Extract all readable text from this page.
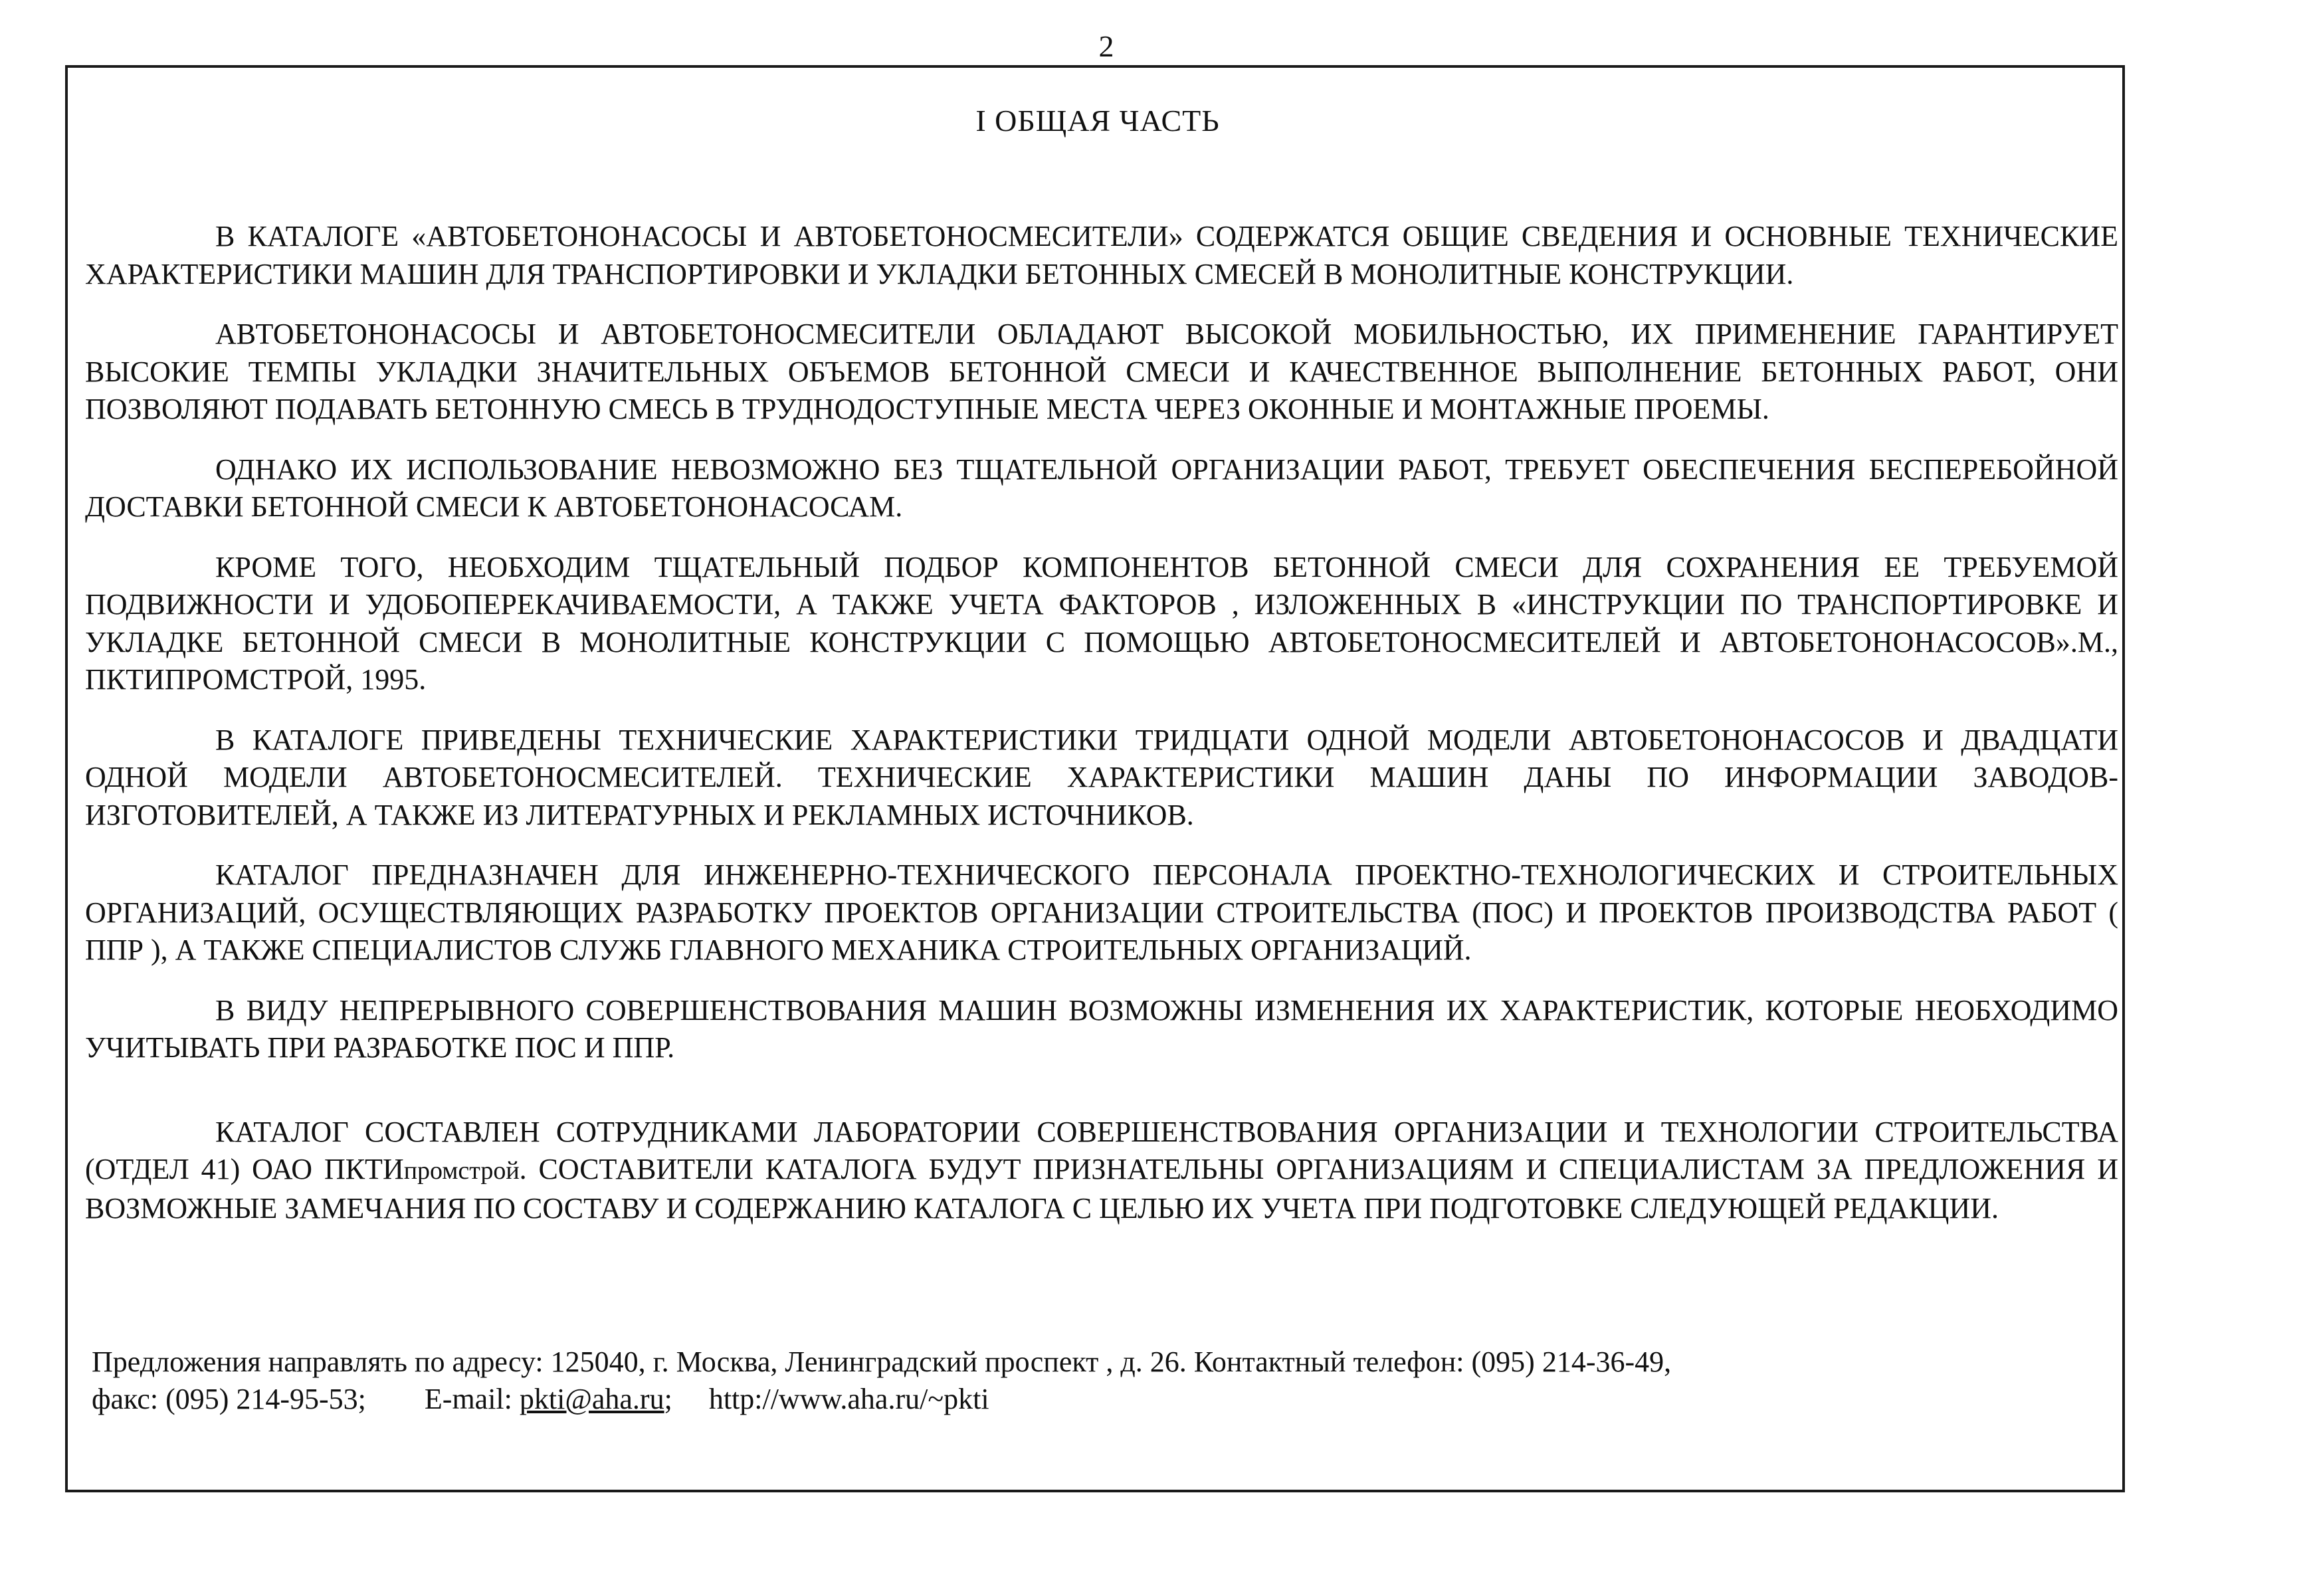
2
I ОБЩАЯ ЧАСТЬ

В КАТАЛОГЕ «АВТОБЕТОНОНАСОСЫ И АВТОБЕТОНОСМЕСИТЕЛИ» СОДЕРЖАТСЯ ОБЩИЕ СВЕДЕНИЯ И ОСНОВНЫЕ ТЕХНИЧЕСКИЕ ХАРАКТЕРИСТИКИ МАШИН ДЛЯ ТРАНСПОРТИРОВКИ И УКЛАДКИ БЕТОННЫХ СМЕСЕЙ В МОНОЛИТНЫЕ КОНСТРУКЦИИ.

АВТОБЕТОНОНАСОСЫ И АВТОБЕТОНОСМЕСИТЕЛИ ОБЛАДАЮТ ВЫСОКОЙ МОБИЛЬНОСТЬЮ, ИХ ПРИМЕНЕНИЕ ГАРАНТИРУЕТ ВЫСОКИЕ ТЕМПЫ УКЛАДКИ ЗНАЧИТЕЛЬНЫХ ОБЪЕМОВ БЕТОННОЙ СМЕСИ И КАЧЕСТВЕННОЕ ВЫПОЛНЕНИЕ БЕТОННЫХ РАБОТ, ОНИ ПОЗВОЛЯЮТ ПОДАВАТЬ БЕТОННУЮ СМЕСЬ В ТРУДНОДОСТУПНЫЕ МЕСТА ЧЕРЕЗ ОКОННЫЕ И МОНТАЖНЫЕ ПРОЕМЫ.

ОДНАКО ИХ ИСПОЛЬЗОВАНИЕ НЕВОЗМОЖНО БЕЗ ТЩАТЕЛЬНОЙ ОРГАНИЗАЦИИ РАБОТ, ТРЕБУЕТ ОБЕСПЕЧЕНИЯ БЕСПЕРЕБОЙНОЙ ДОСТАВКИ БЕТОННОЙ СМЕСИ К АВТОБЕТОНОНАСОСАМ.

КРОМЕ ТОГО, НЕОБХОДИМ ТЩАТЕЛЬНЫЙ ПОДБОР КОМПОНЕНТОВ БЕТОННОЙ СМЕСИ ДЛЯ СОХРАНЕНИЯ ЕЕ ТРЕБУЕМОЙ ПОДВИЖНОСТИ И УДОБОПЕРЕКАЧИВАЕМОСТИ, А ТАКЖЕ УЧЕТА ФАКТОРОВ , ИЗЛОЖЕННЫХ В «ИНСТРУКЦИИ ПО ТРАНСПОРТИРОВКЕ И УКЛАДКЕ БЕТОННОЙ СМЕСИ В МОНОЛИТНЫЕ КОНСТРУКЦИИ С ПОМОЩЬЮ АВТОБЕТОНОСМЕСИТЕЛЕЙ И АВТОБЕТОНОНАСОСОВ».М., ПКТИПРОМСТРОЙ, 1995.

В КАТАЛОГЕ ПРИВЕДЕНЫ ТЕХНИЧЕСКИЕ ХАРАКТЕРИСТИКИ ТРИДЦАТИ ОДНОЙ МОДЕЛИ АВТОБЕТОНОНАСОСОВ И ДВАДЦАТИ ОДНОЙ МОДЕЛИ АВТОБЕТОНОСМЕСИТЕЛЕЙ. ТЕХНИЧЕСКИЕ ХАРАКТЕРИСТИКИ МАШИН ДАНЫ ПО ИНФОРМАЦИИ ЗАВОДОВ-ИЗГОТОВИТЕЛЕЙ, А ТАКЖЕ ИЗ ЛИТЕРАТУРНЫХ И РЕКЛАМНЫХ ИСТОЧНИКОВ.

КАТАЛОГ ПРЕДНАЗНАЧЕН ДЛЯ ИНЖЕНЕРНО-ТЕХНИЧЕСКОГО ПЕРСОНАЛА ПРОЕКТНО-ТЕХНОЛОГИЧЕСКИХ И СТРОИТЕЛЬНЫХ ОРГАНИЗАЦИЙ, ОСУЩЕСТВЛЯЮЩИХ РАЗРАБОТКУ ПРОЕКТОВ ОРГАНИЗАЦИИ СТРОИТЕЛЬСТВА (ПОС) И ПРОЕКТОВ ПРОИЗВОДСТВА РАБОТ ( ППР ), А ТАКЖЕ СПЕЦИАЛИСТОВ СЛУЖБ ГЛАВНОГО МЕХАНИКА СТРОИТЕЛЬНЫХ ОРГАНИЗАЦИЙ.

В ВИДУ НЕПРЕРЫВНОГО СОВЕРШЕНСТВОВАНИЯ МАШИН ВОЗМОЖНЫ ИЗМЕНЕНИЯ ИХ ХАРАКТЕРИСТИК, КОТОРЫЕ НЕОБХОДИМО УЧИТЫВАТЬ ПРИ РАЗРАБОТКЕ ПОС И ППР.

КАТАЛОГ СОСТАВЛЕН СОТРУДНИКАМИ ЛАБОРАТОРИИ СОВЕРШЕНСТВОВАНИЯ ОРГАНИЗАЦИИ И ТЕХНОЛОГИИ СТРОИТЕЛЬСТВА (ОТДЕЛ 41) ОАО ПКТИпромстрой. СОСТАВИТЕЛИ КАТАЛОГА БУДУТ ПРИЗНАТЕЛЬНЫ ОРГАНИЗАЦИЯМ И СПЕЦИАЛИСТАМ ЗА ПРЕДЛОЖЕНИЯ И ВОЗМОЖНЫЕ ЗАМЕЧАНИЯ ПО СОСТАВУ И СОДЕРЖАНИЮ КАТАЛОГА С ЦЕЛЬЮ ИХ УЧЕТА ПРИ ПОДГОТОВКЕ СЛЕДУЮЩЕЙ РЕДАКЦИИ.

Предложения направлять по адресу: 125040, г. Москва, Ленинградский проспект , д. 26. Контактный телефон: (095) 214-36-49,
факс: (095) 214-95-53; E-mail: pkti@aha.ru; http://www.aha.ru/~pkti
